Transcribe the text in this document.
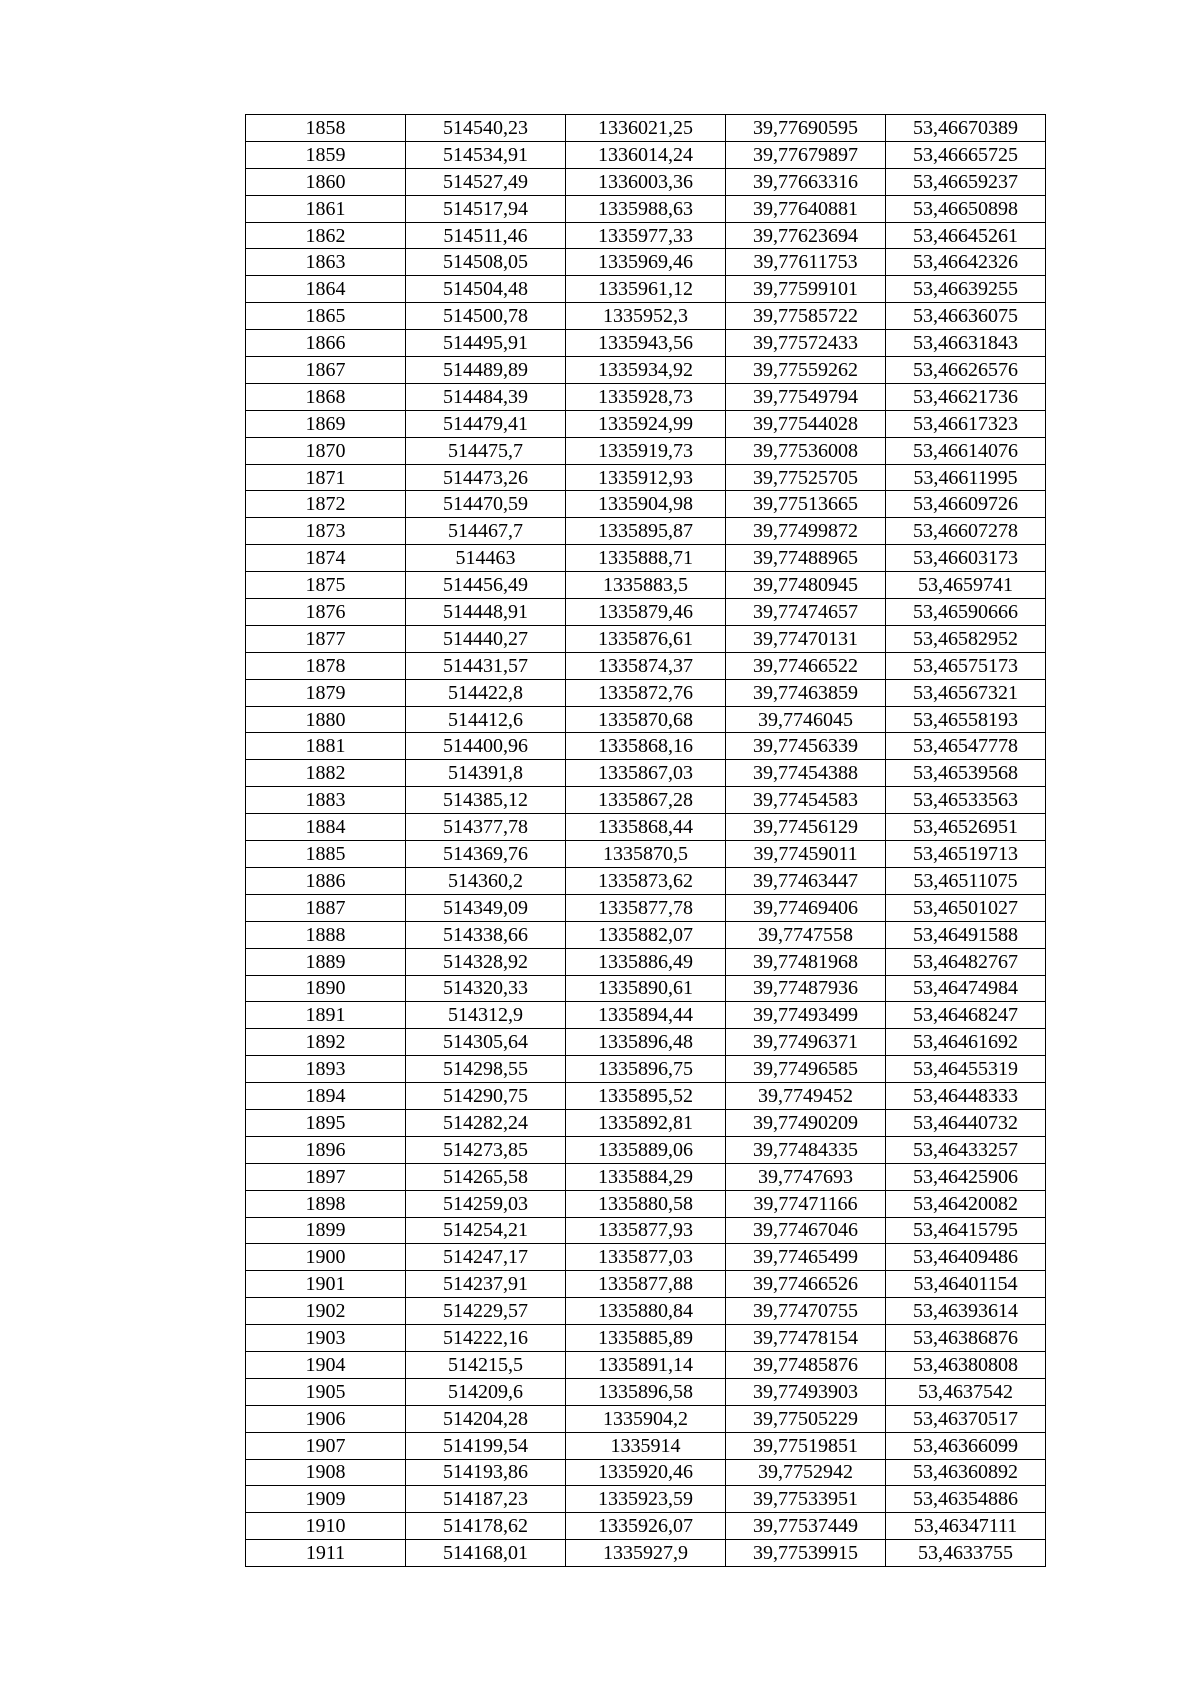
1858	514540,23	1336021,25	39,77690595	53,46670389
1859	514534,91	1336014,24	39,77679897	53,46665725
1860	514527,49	1336003,36	39,77663316	53,46659237
1861	514517,94	1335988,63	39,77640881	53,46650898
1862	514511,46	1335977,33	39,77623694	53,46645261
1863	514508,05	1335969,46	39,77611753	53,46642326
1864	514504,48	1335961,12	39,77599101	53,46639255
1865	514500,78	1335952,3	39,77585722	53,46636075
1866	514495,91	1335943,56	39,77572433	53,46631843
1867	514489,89	1335934,92	39,77559262	53,46626576
1868	514484,39	1335928,73	39,77549794	53,46621736
1869	514479,41	1335924,99	39,77544028	53,46617323
1870	514475,7	1335919,73	39,77536008	53,46614076
1871	514473,26	1335912,93	39,77525705	53,46611995
1872	514470,59	1335904,98	39,77513665	53,46609726
1873	514467,7	1335895,87	39,77499872	53,46607278
1874	514463	1335888,71	39,77488965	53,46603173
1875	514456,49	1335883,5	39,77480945	53,4659741
1876	514448,91	1335879,46	39,77474657	53,46590666
1877	514440,27	1335876,61	39,77470131	53,46582952
1878	514431,57	1335874,37	39,77466522	53,46575173
1879	514422,8	1335872,76	39,77463859	53,46567321
1880	514412,6	1335870,68	39,7746045	53,46558193
1881	514400,96	1335868,16	39,77456339	53,46547778
1882	514391,8	1335867,03	39,77454388	53,46539568
1883	514385,12	1335867,28	39,77454583	53,46533563
1884	514377,78	1335868,44	39,77456129	53,46526951
1885	514369,76	1335870,5	39,77459011	53,46519713
1886	514360,2	1335873,62	39,77463447	53,46511075
1887	514349,09	1335877,78	39,77469406	53,46501027
1888	514338,66	1335882,07	39,7747558	53,46491588
1889	514328,92	1335886,49	39,77481968	53,46482767
1890	514320,33	1335890,61	39,77487936	53,46474984
1891	514312,9	1335894,44	39,77493499	53,46468247
1892	514305,64	1335896,48	39,77496371	53,46461692
1893	514298,55	1335896,75	39,77496585	53,46455319
1894	514290,75	1335895,52	39,7749452	53,46448333
1895	514282,24	1335892,81	39,77490209	53,46440732
1896	514273,85	1335889,06	39,77484335	53,46433257
1897	514265,58	1335884,29	39,7747693	53,46425906
1898	514259,03	1335880,58	39,77471166	53,46420082
1899	514254,21	1335877,93	39,77467046	53,46415795
1900	514247,17	1335877,03	39,77465499	53,46409486
1901	514237,91	1335877,88	39,77466526	53,46401154
1902	514229,57	1335880,84	39,77470755	53,46393614
1903	514222,16	1335885,89	39,77478154	53,46386876
1904	514215,5	1335891,14	39,77485876	53,46380808
1905	514209,6	1335896,58	39,77493903	53,4637542
1906	514204,28	1335904,2	39,77505229	53,46370517
1907	514199,54	1335914	39,77519851	53,46366099
1908	514193,86	1335920,46	39,7752942	53,46360892
1909	514187,23	1335923,59	39,77533951	53,46354886
1910	514178,62	1335926,07	39,77537449	53,46347111
1911	514168,01	1335927,9	39,77539915	53,4633755
